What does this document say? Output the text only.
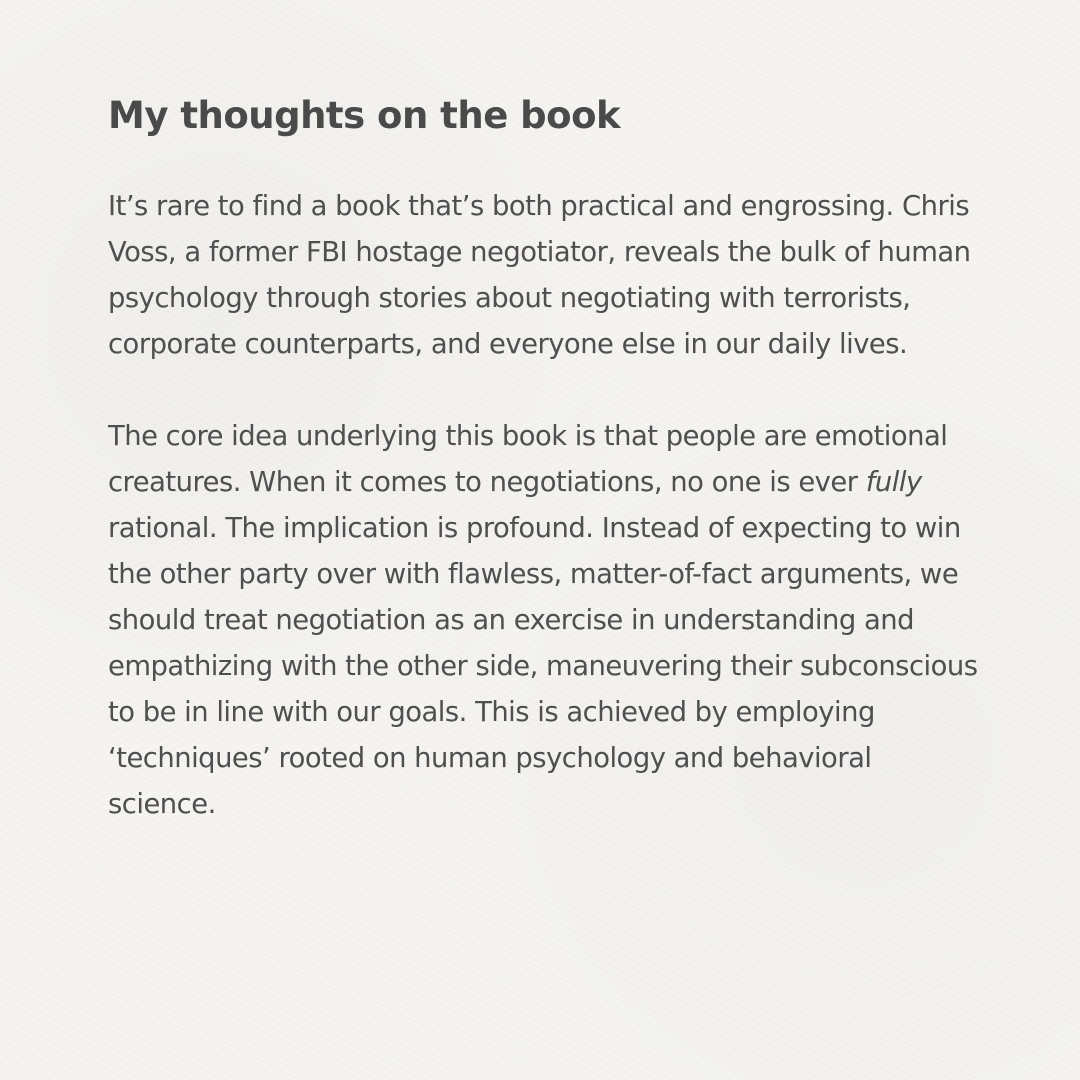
My thoughts on the book

It’s rare to find a book that’s both practical and engrossing. Chris
Voss, a former FBI hostage negotiator, reveals the bulk of human
psychology through stories about negotiating with terrorists,
corporate counterparts, and everyone else in our daily lives.

The core idea underlying this book is that people are emotional
creatures. When it comes to negotiations, no one is ever fully
rational. The implication is profound. Instead of expecting to win
the other party over with flawless, matter-of-fact arguments, we
should treat negotiation as an exercise in understanding and
empathizing with the other side, maneuvering their subconscious
to be in line with our goals. This is achieved by employing
‘techniques’ rooted on human psychology and behavioral
science.
